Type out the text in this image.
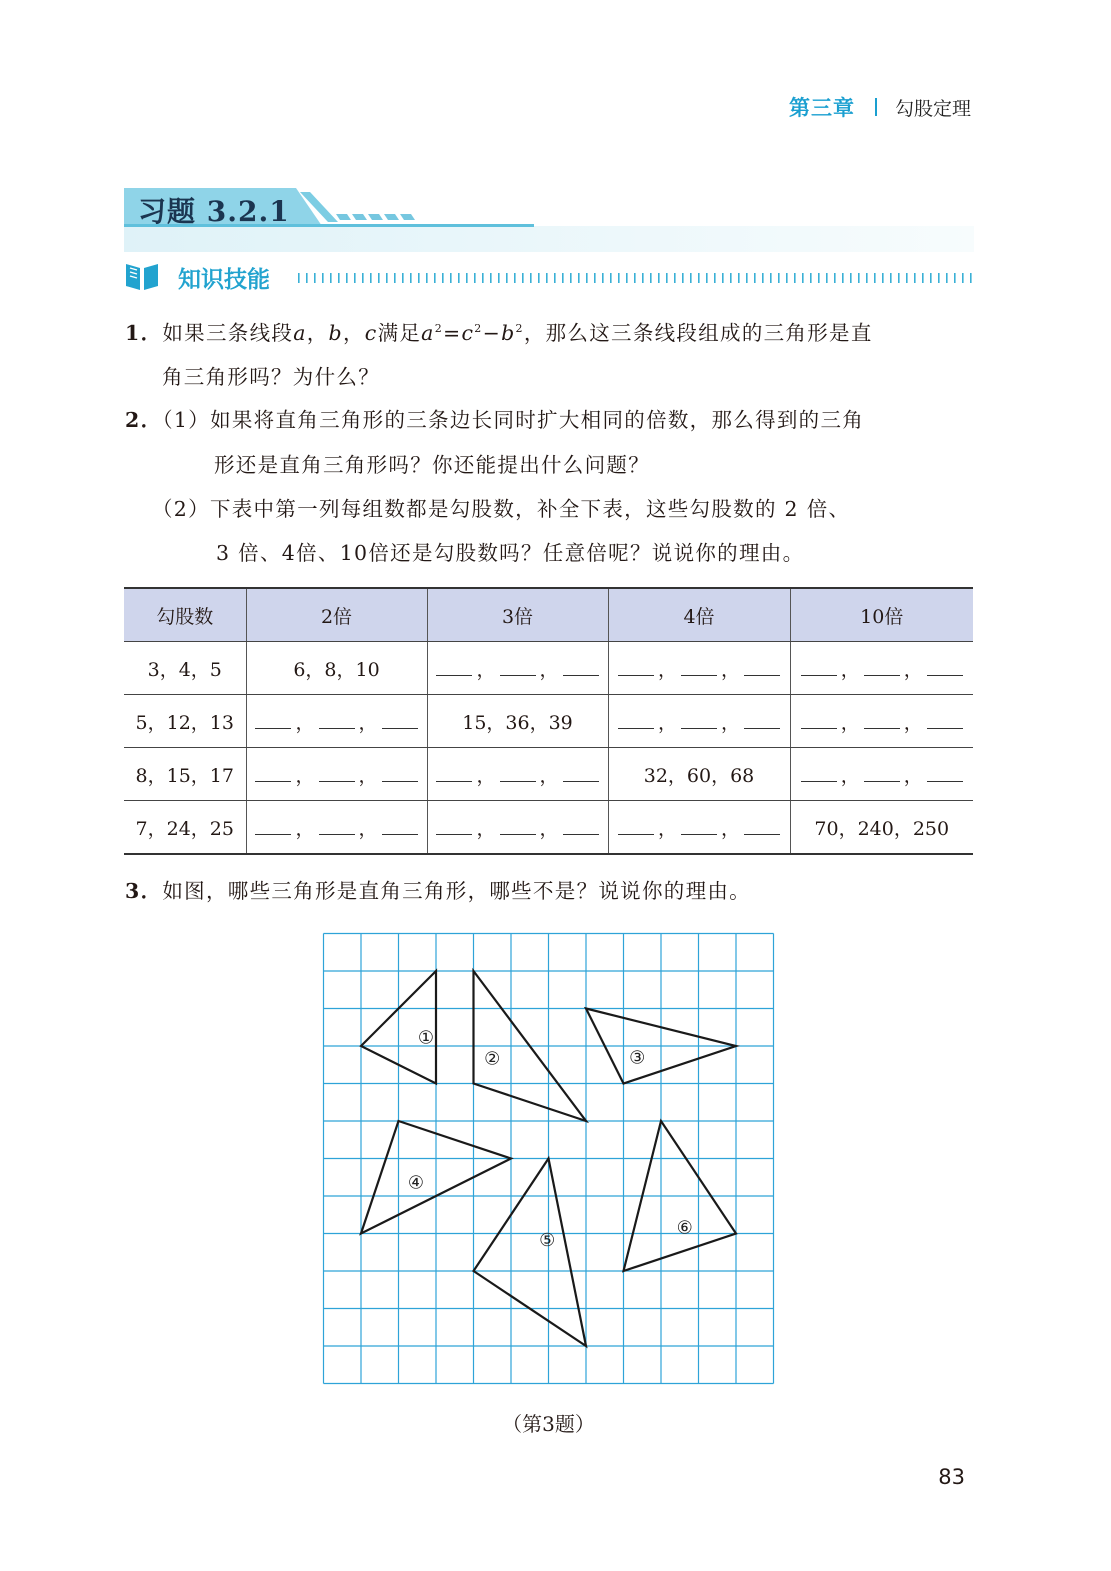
第三章 勾股定理
习题 3.2.1
知识技能
1．如果三条线段a，b，c满足$a^2=c^2-b^2$，那么这三条线段组成的三角形是直
角三角形吗？为什么？
2．（1）如果将直角三角形的三条边长同时扩大相同的倍数，那么得到的三角
形还是直角三角形吗？你还能提出什么问题？
（2）下表中第一列每组数都是勾股数，补全下表，这些勾股数的 2 倍、
3 倍、4倍、10倍还是勾股数吗？任意倍呢？说说你的理由。
勾股数	2倍	3倍	4倍	10倍
3，4，5	6，8，10	， ，	， ，	， ，
5，12，13	， ，	15，36，39	， ，	， ，
8，15，17	， ，	， ，	32，60，68	， ，
7，24，25	， ，	， ，	， ，	70，240，250
3．如图，哪些三角形是直角三角形，哪些不是？说说你的理由。
①
②	③
④
⑤
⑥
（第3题）
83
